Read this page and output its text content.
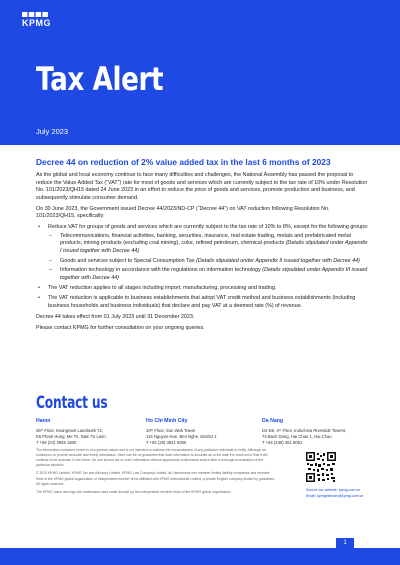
KPMG
Tax Alert
July 2023
Decree 44 on reduction of 2% value added tax in the last 6 months of 2023

As the global and local economy continue to face many difficulties and challenges, the National Assembly has passed the proposal to reduce the Value Added Tax (“VAT”) rate for most of goods and services which are currently subject to the tax rate of 10% under Resolution No. 101/2023/QH15 dated 24 June 2023 in an effort to reduce the price of goods and services, promote production and business, and subsequently stimulate consumer demand.

On 30 June 2023, the Government issued Decree 44/2023/ND-CP (“Decree 44”) on VAT reduction following Resolution No. 101/2023/QH15, specifically:

• Reduce VAT for groups of goods and services which are currently subject to the tax rate of 10% to 8%, except for the following groups:
– Telecommunications, financial activities, banking, securities, insurance, real estate trading, metals and prefabricated metal products, mining products (excluding coal mining), coke, refined petroleum, chemical products (Details stipulated under Appendix I issued together with Decree 44)
– Goods and services subject to Special Consumption Tax (Details stipulated under Appendix II issued together with Decree 44)
– Information technology in accordance with the regulations on information technology (Details stipulated under Appendix III issued together with Decree 44)
• The VAT reduction applies to all stages including import, manufacturing, processing and trading.
• The VAT reduction is applicable to business establishments that adopt VAT credit method and business establishments (including business households and business individuals) that declare and pay VAT at a deemed rate (%) of revenue.

Decree 44 takes effect from 01 July 2023 until 31 December 2023.

Please contact KPMG for further consultation on your ongoing queries.

Contact us
Hanoi
46ᵗʰ Floor, Keangnam Landmark 72,
E6 Pham Hung, Me Tri, Nam Tu Liem
T +84 (24) 3946 1600
Ho Chi Minh City
10ᵗʰ Floor, Sun Wah Tower
115 Nguyen Hue, Ben Nghe, District 1
T +84 (28) 3821 9266
Da Nang
D4-D5, 4ᵗʰ Floor, Indochina Riverside Towers,
74 Bach Dang, Hai Chau 1, Hai Chau
T +84 (236) 351 9051

The information contained herein is of a general nature and is not intended to address the circumstances of any particular individual or entity. Although we endeavour to provide accurate and timely information, there can be no guarantee that such information is accurate as of the date it is received or that it will continue to be accurate in the future. No one should act on such information without appropriate professional advice after a thorough examination of the particular situation.

© 2023 KPMG Limited, KPMG Tax and Advisory Limited, KPMG Law Company Limited, all Vietnamese one member limited liability companies and member firms of the KPMG global organization of independent member firms affiliated with KPMG International Limited, a private English company limited by guarantee. All rights reserved.

The KPMG name and logo are trademarks used under license by the independent member firms of the KPMG global organization.	Source our website: kpmg.com.vn
Email: kpmgvietnam@kpmg.com.vn
1
